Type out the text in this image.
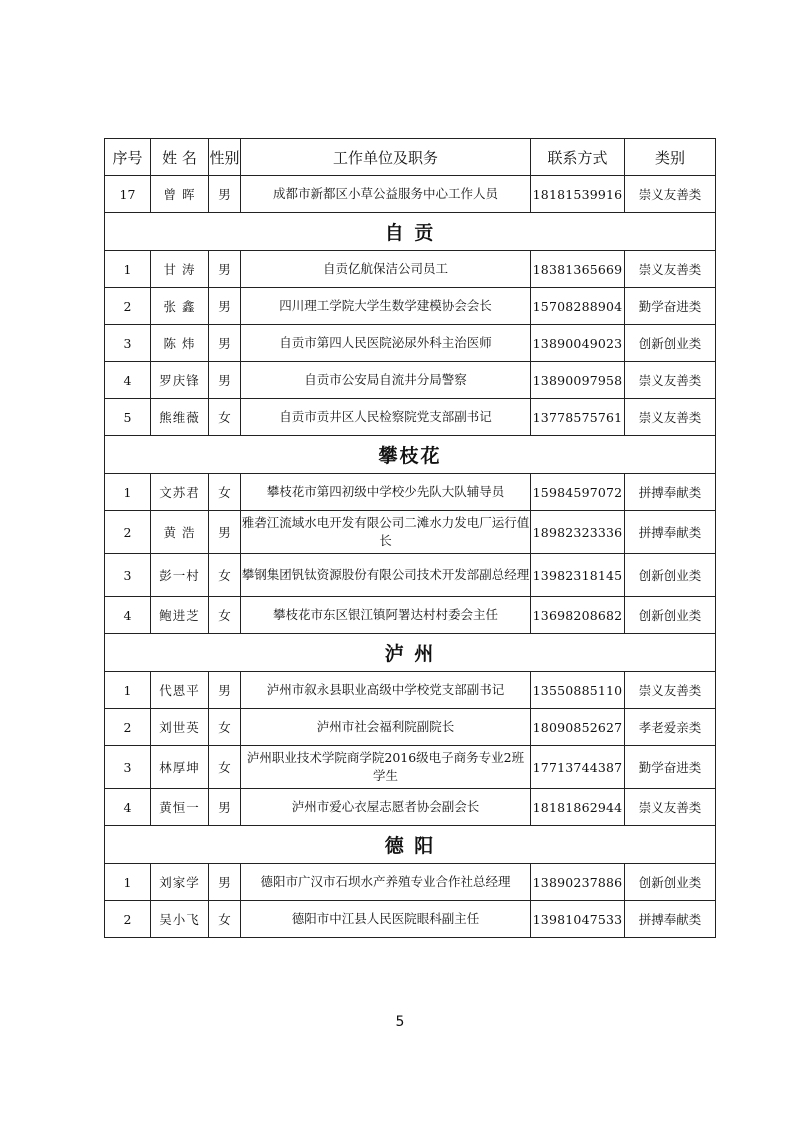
序号	姓 名	性别	工作单位及职务	联系方式	类别
17	曾 晖	男	成都市新都区小草公益服务中心工作人员	18181539916	崇义友善类
自 贡					
1	甘 涛	男	自贡亿航保洁公司员工	18381365669	崇义友善类
2	张 鑫	男	四川理工学院大学生数学建模协会会长	15708288904	勤学奋进类
3	陈 炜	男	自贡市第四人民医院泌尿外科主治医师	13890049023	创新创业类
4	罗庆锋	男	自贡市公安局自流井分局警察	13890097958	崇义友善类
5	熊维薇	女	自贡市贡井区人民检察院党支部副书记	13778575761	崇义友善类
攀枝花					
1	文苏君	女	攀枝花市第四初级中学校少先队大队辅导员	15984597072	拼搏奉献类
2	黄 浩	男	雅砻江流域水电开发有限公司二滩水力发电厂运行值长	18982323336	拼搏奉献类
3	彭一村	女	攀钢集团钒钛资源股份有限公司技术开发部副总经理	13982318145	创新创业类
4	鲍进芝	女	攀枝花市东区银江镇阿署达村村委会主任	13698208682	创新创业类
泸 州					
1	代恩平	男	泸州市叙永县职业高级中学校党支部副书记	13550885110	崇义友善类
2	刘世英	女	泸州市社会福利院副院长	18090852627	孝老爱亲类
3	林厚坤	女	泸州职业技术学院商学院2016级电子商务专业2班学生	17713744387	勤学奋进类
4	黄恒一	男	泸州市爱心衣屋志愿者协会副会长	18181862944	崇义友善类
德 阳					
1	刘家学	男	德阳市广汉市石坝水产养殖专业合作社总经理	13890237886	创新创业类
2	吴小飞	女	德阳市中江县人民医院眼科副主任	13981047533	拼搏奉献类
5
